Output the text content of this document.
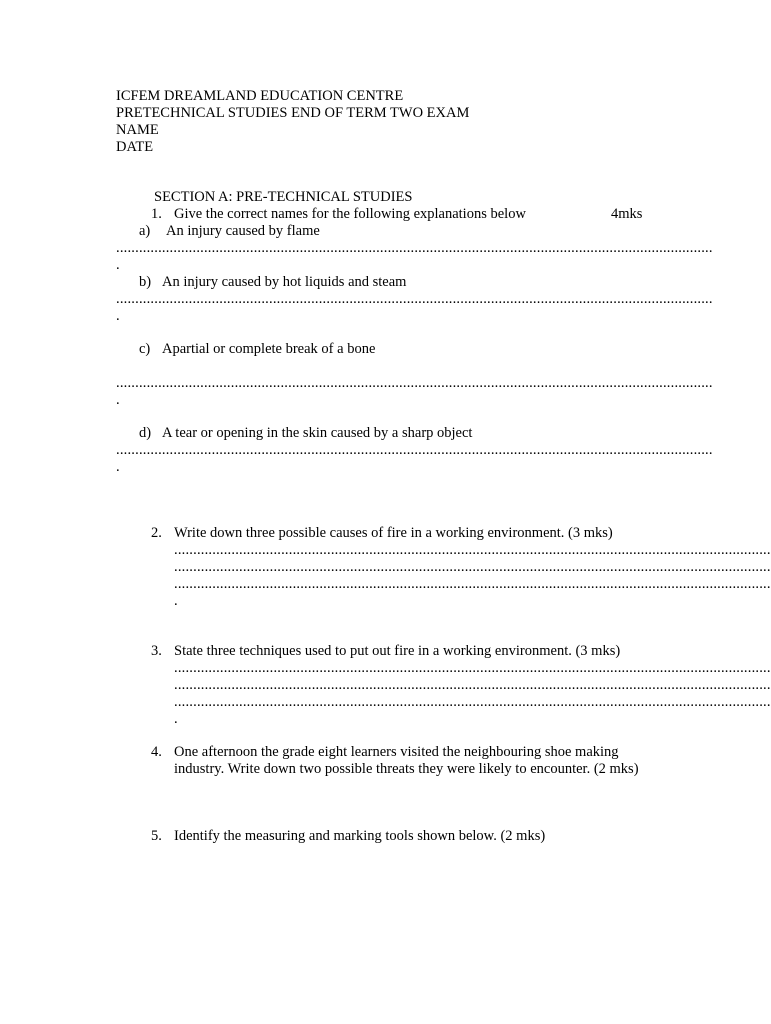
ICFEM DREAMLAND EDUCATION CENTRE
PRETECHNICAL STUDIES END OF TERM TWO EXAM
NAME
DATE
SECTION A: PRE-TECHNICAL STUDIES
1. Give the correct names for the following explanations below	4mks
a) An injury caused by flame
............................................................................................................................................................
.
b) An injury caused by hot liquids and steam
............................................................................................................................................................
.
c) Apartial or complete break of a bone
............................................................................................................................................................
.
d) A tear or opening in the skin caused by a sharp object
............................................................................................................................................................
.
2. Write down three possible causes of fire in a working environment. (3 mks)
............................................................................................................................................................
............................................................................................................................................................
............................................................................................................................................................
.
3. State three techniques used to put out fire in a working environment. (3 mks)
............................................................................................................................................................
............................................................................................................................................................
............................................................................................................................................................
.
4. One afternoon the grade eight learners visited the neighbouring shoe making industry. Write down two possible threats they were likely to encounter. (2 mks)
5. Identify the measuring and marking tools shown below. (2 mks)
